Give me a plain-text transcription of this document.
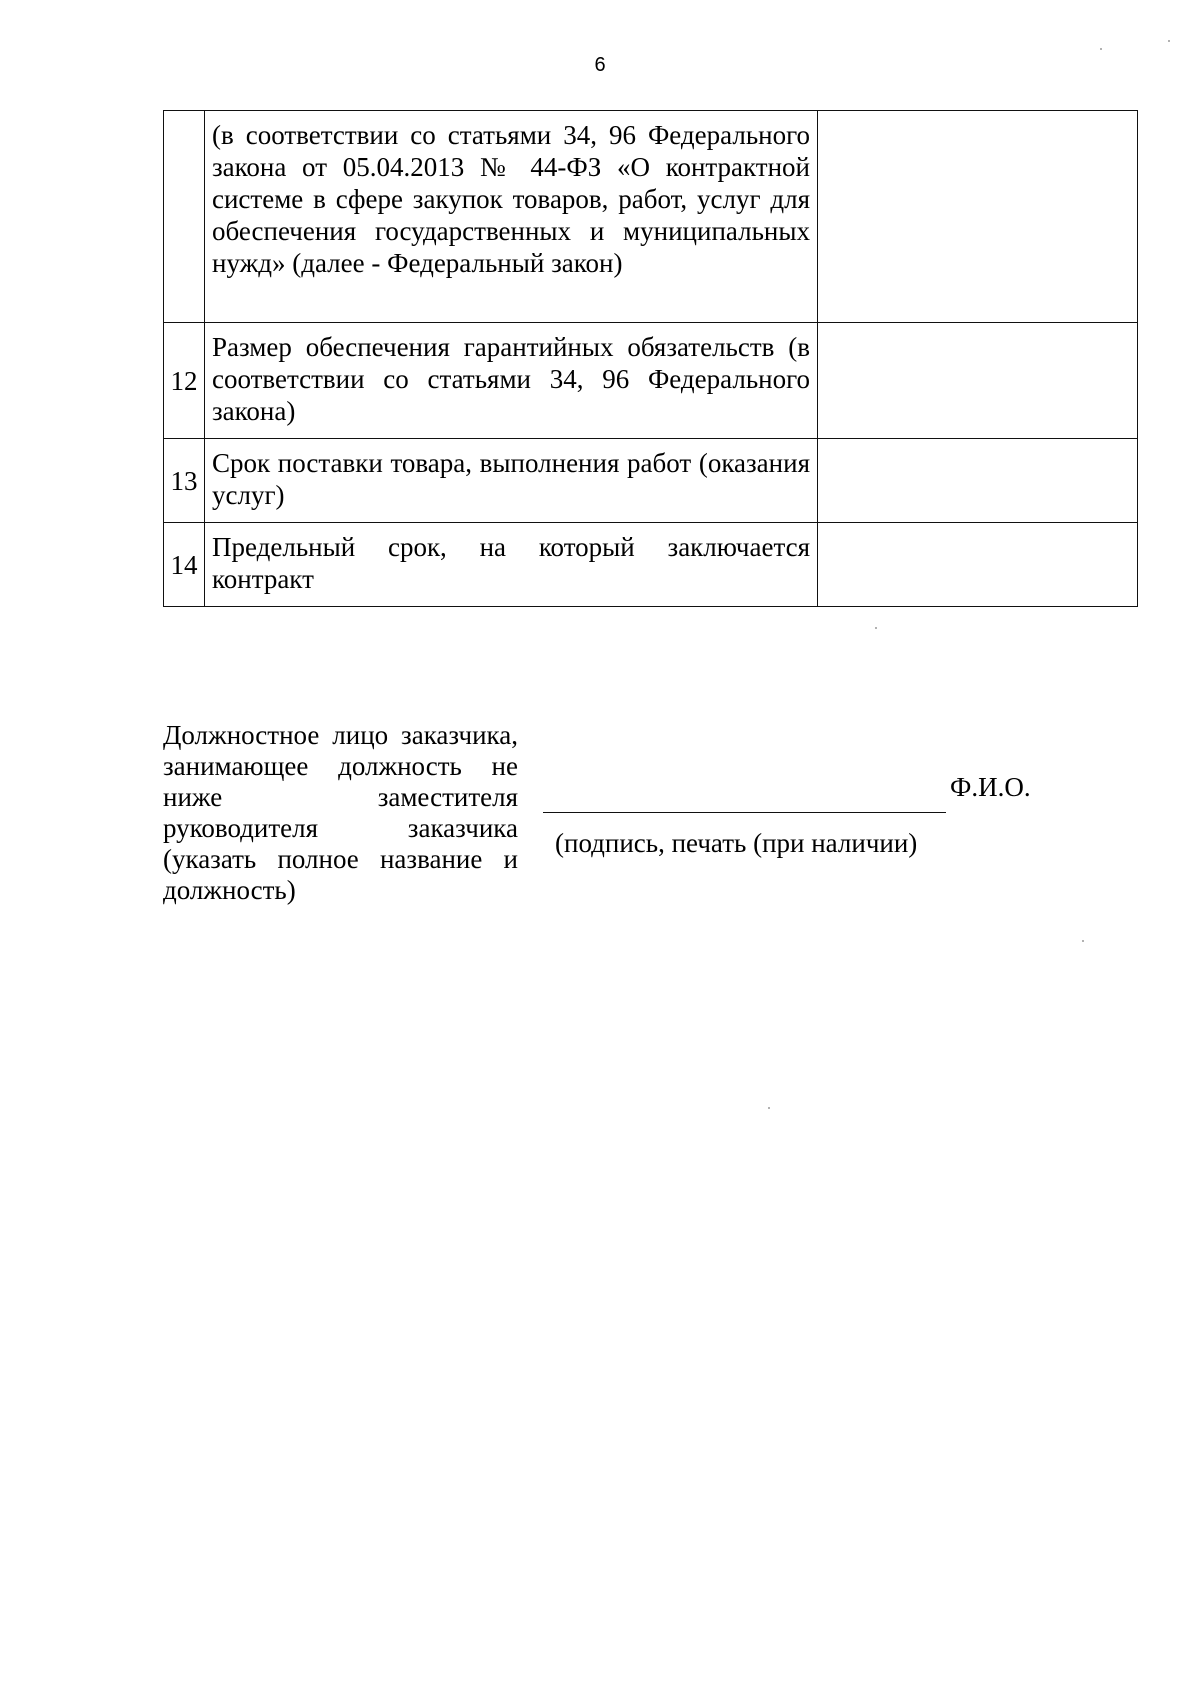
6
	(в соответствии со статьями 34, 96 Федерального закона от 05.04.2013 № 44-ФЗ «О контрактной системе в сфере закупок товаров, работ, услуг для обеспечения государственных и муниципальных нужд» (далее - Федеральный закон)	
12	Размер обеспечения гарантийных обязательств (в соответствии со статьями 34, 96 Федерального закона)	
13	Срок поставки товара, выполнения работ (оказания услуг)	
14	Предельный срок, на который заключается контракт	
Должностное лицо заказчика, занимающее должность не ниже заместителя руководителя заказчика (указать полное название и должность)
(подпись, печать (при наличии)
Ф.И.О.
